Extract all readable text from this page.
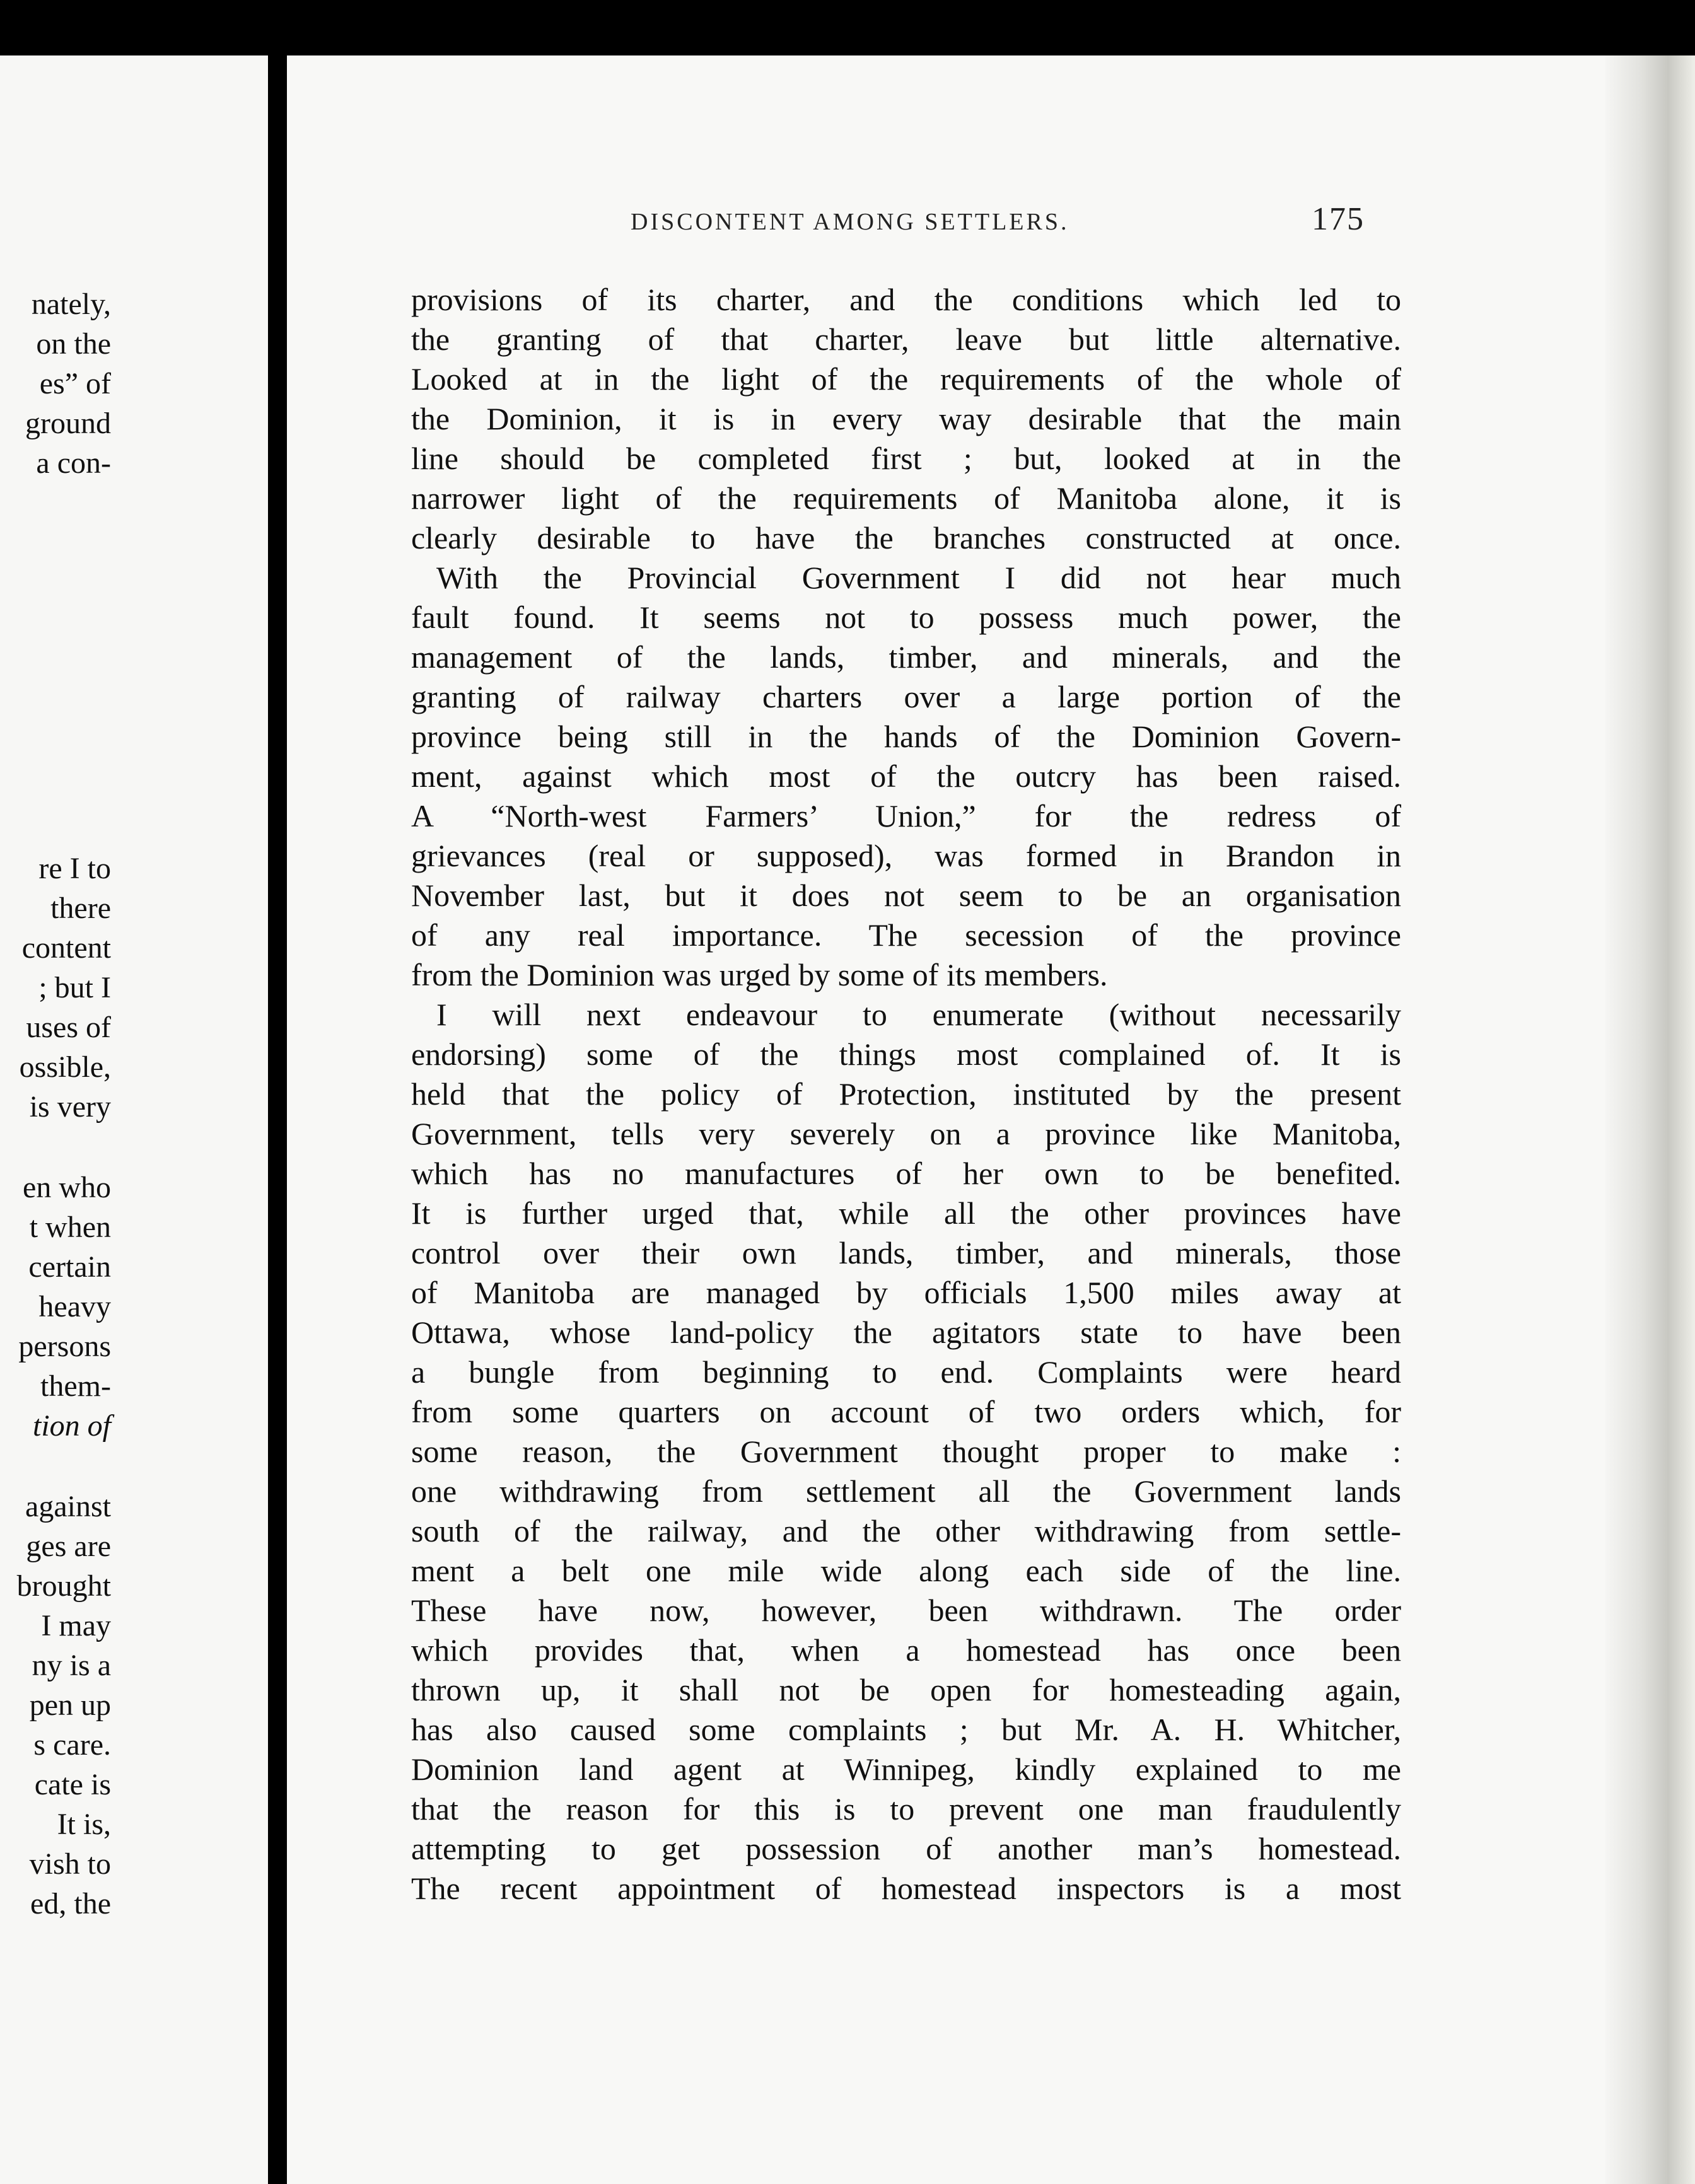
nately,
on the
es” of
ground
a con-
re I to
there
content
; but I
uses of
ossible,
is very
en who
t when
certain
heavy
persons
them-
tion of
against
ges are
brought
I may
ny is a
pen up
s care.
cate is
It is,
vish to
ed, the
DISCONTENT AMONG SETTLERS.	175
provisions of its charter, and the conditions which led to
the granting of that charter, leave but little alternative.
Looked at in the light of the requirements of the whole of
the Dominion, it is in every way desirable that the main
line should be completed first ; but, looked at in the
narrower light of the requirements of Manitoba alone, it is
clearly desirable to have the branches constructed at once.
With the Provincial Government I did not hear much
fault found. It seems not to possess much power, the
management of the lands, timber, and minerals, and the
granting of railway charters over a large portion of the
province being still in the hands of the Dominion Govern-
ment, against which most of the outcry has been raised.
A “North-west Farmers’ Union,” for the redress of
grievances (real or supposed), was formed in Brandon in
November last, but it does not seem to be an organisation
of any real importance. The secession of the province
from the Dominion was urged by some of its members.
I will next endeavour to enumerate (without necessarily
endorsing) some of the things most complained of. It is
held that the policy of Protection, instituted by the present
Government, tells very severely on a province like Manitoba,
which has no manufactures of her own to be benefited.
It is further urged that, while all the other provinces have
control over their own lands, timber, and minerals, those
of Manitoba are managed by officials 1,500 miles away at
Ottawa, whose land-policy the agitators state to have been
a bungle from beginning to end. Complaints were heard
from some quarters on account of two orders which, for
some reason, the Government thought proper to make :
one withdrawing from settlement all the Government lands
south of the railway, and the other withdrawing from settle-
ment a belt one mile wide along each side of the line.
These have now, however, been withdrawn. The order
which provides that, when a homestead has once been
thrown up, it shall not be open for homesteading again,
has also caused some complaints ; but Mr. A. H. Whitcher,
Dominion land agent at Winnipeg, kindly explained to me
that the reason for this is to prevent one man fraudulently
attempting to get possession of another man’s homestead.
The recent appointment of homestead inspectors is a most
